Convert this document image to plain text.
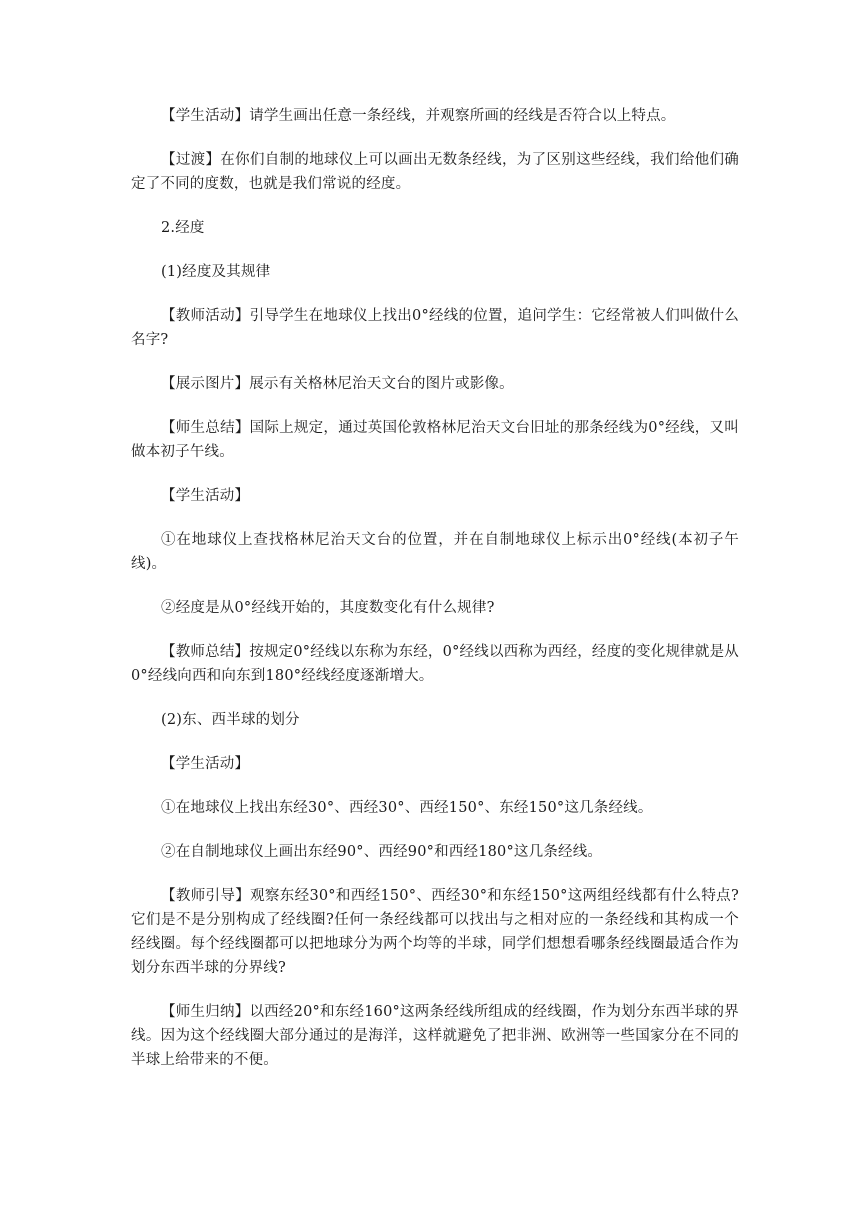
【学生活动】请学生画出任意一条经线，并观察所画的经线是否符合以上特点。

【过渡】在你们自制的地球仪上可以画出无数条经线，为了区别这些经线，我们给他们确定了不同的度数，也就是我们常说的经度。

2.经度

(1)经度及其规律

【教师活动】引导学生在地球仪上找出0°经线的位置，追问学生：它经常被人们叫做什么名字?

【展示图片】展示有关格林尼治天文台的图片或影像。

【师生总结】国际上规定，通过英国伦敦格林尼治天文台旧址的那条经线为0°经线，又叫做本初子午线。

【学生活动】

①在地球仪上查找格林尼治天文台的位置，并在自制地球仪上标示出0°经线(本初子午线)。

②经度是从0°经线开始的，其度数变化有什么规律?

【教师总结】按规定0°经线以东称为东经，0°经线以西称为西经，经度的变化规律就是从0°经线向西和向东到180°经线经度逐渐增大。

(2)东、西半球的划分

【学生活动】

①在地球仪上找出东经30°、西经30°、西经150°、东经150°这几条经线。

②在自制地球仪上画出东经90°、西经90°和西经180°这几条经线。

【教师引导】观察东经30°和西经150°、西经30°和东经150°这两组经线都有什么特点?它们是不是分别构成了经线圈?任何一条经线都可以找出与之相对应的一条经线和其构成一个经线圈。每个经线圈都可以把地球分为两个均等的半球，同学们想想看哪条经线圈最适合作为划分东西半球的分界线?

【师生归纳】以西经20°和东经160°这两条经线所组成的经线圈，作为划分东西半球的界线。因为这个经线圈大部分通过的是海洋，这样就避免了把非洲、欧洲等一些国家分在不同的半球上给带来的不便。
